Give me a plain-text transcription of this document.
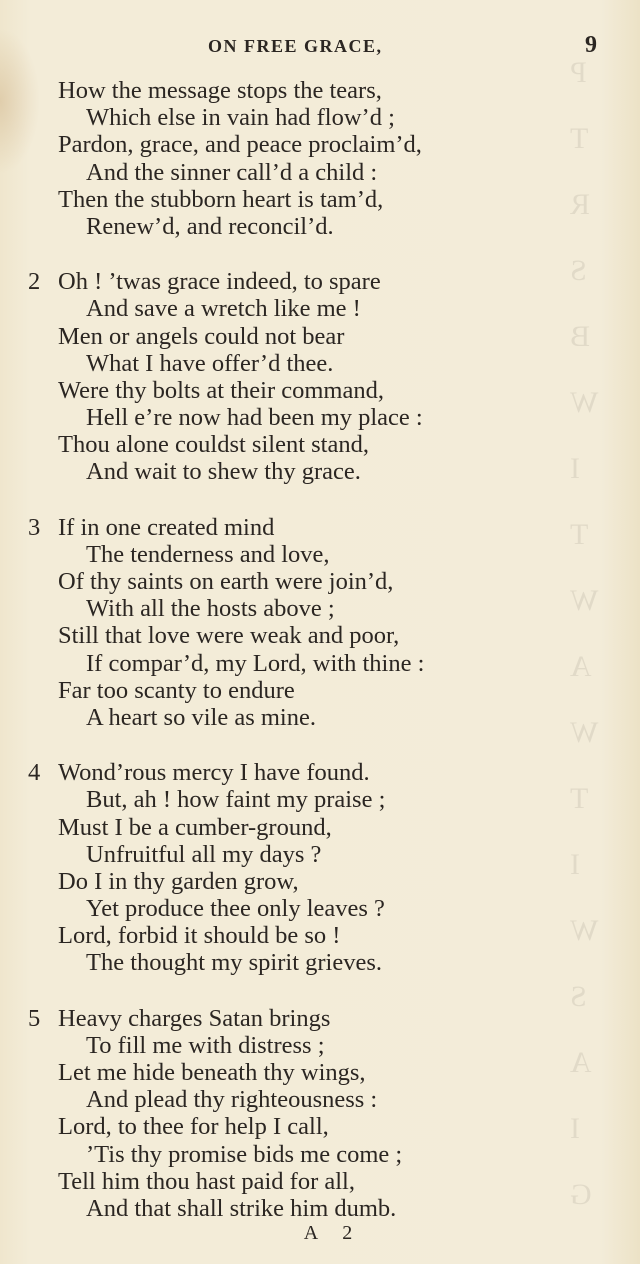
P
T
R
S
B
W
I
T
W
A
W
T
I
W
S
A
I
G
ON FREE GRACE,	9
How the message stops the tears,
Which else in vain had flow’d ;
Pardon, grace, and peace proclaim’d,
And the sinner call’d a child :
Then the stubborn heart is tam’d,
Renew’d, and reconcil’d.
2 Oh ! ’twas grace indeed, to spare
And save a wretch like me !
Men or angels could not bear
What I have offer’d thee.
Were thy bolts at their command,
Hell e’re now had been my place :
Thou alone couldst silent stand,
And wait to shew thy grace.
3 If in one created mind
The tenderness and love,
Of thy saints on earth were join’d,
With all the hosts above ;
Still that love were weak and poor,
If compar’d, my Lord, with thine :
Far too scanty to endure
A heart so vile as mine.
4 Wond’rous mercy I have found.
But, ah ! how faint my praise ;
Must I be a cumber-ground,
Unfruitful all my days ?
Do I in thy garden grow,
Yet produce thee only leaves ?
Lord, forbid it should be so !
The thought my spirit grieves.
5 Heavy charges Satan brings
To fill me with distress ;
Let me hide beneath thy wings,
And plead thy righteousness :
Lord, to thee for help I call,
’Tis thy promise bids me come ;
Tell him thou hast paid for all,
And that shall strike him dumb.
A 2
